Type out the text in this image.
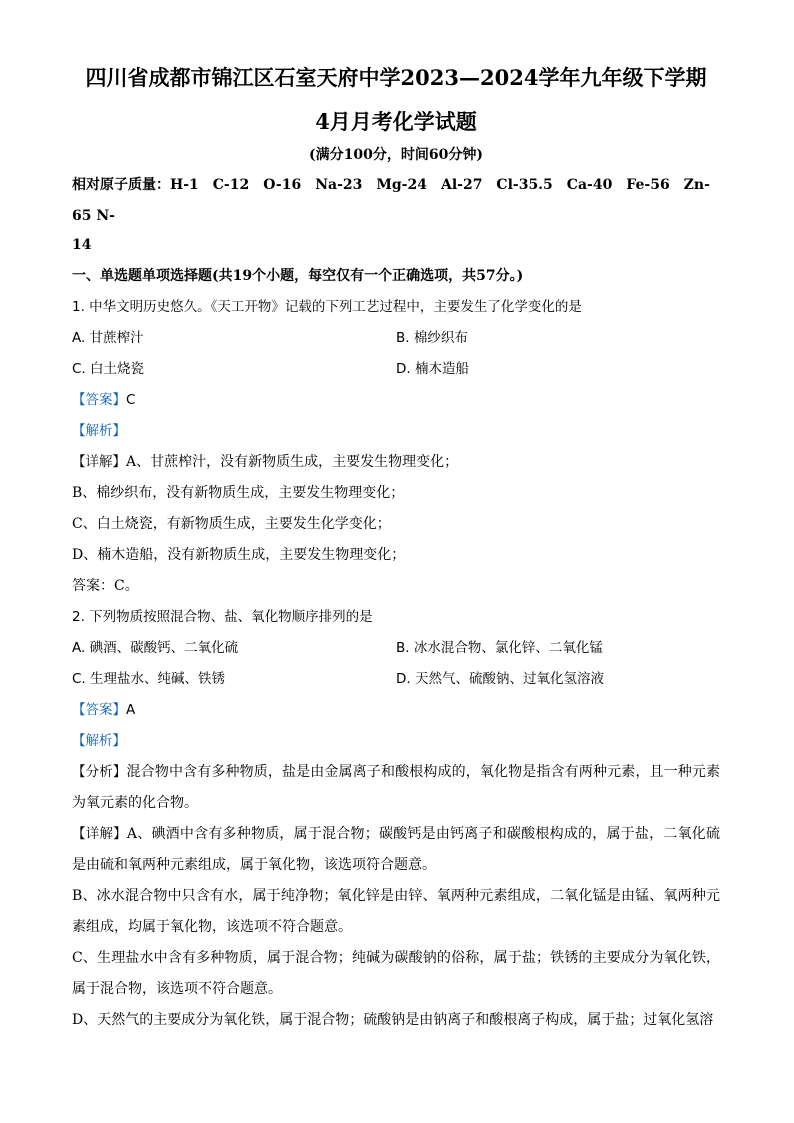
四川省成都市锦江区石室天府中学2023—2024学年九年级下学期
4月月考化学试题
(满分100分，时间60分钟)
相对原子质量：H-1　C-12　O-16　Na-23　Mg-24　Al-27　Cl-35.5　Ca-40　Fe-56　Zn-65 N-
14
一、单选题单项选择题(共19个小题，每空仅有一个正确选项，共57分。)
1. 中华文明历史悠久。《天工开物》记载的下列工艺过程中，主要发生了化学变化的是
A. 甘蔗榨汁	B. 棉纱织布
C. 白土烧瓷	D. 楠木造船
【答案】C
【解析】
【详解】A、甘蔗榨汁，没有新物质生成，主要发生物理变化；
B、棉纱织布，没有新物质生成，主要发生物理变化；
C、白土烧瓷，有新物质生成，主要发生化学变化；
D、楠木造船，没有新物质生成，主要发生物理变化；
答案：C。
2. 下列物质按照混合物、盐、氧化物顺序排列的是
A. 碘酒、碳酸钙、二氧化硫	B. 冰水混合物、氯化锌、二氧化锰
C. 生理盐水、纯碱、铁锈	D. 天然气、硫酸钠、过氧化氢溶液
【答案】A
【解析】
【分析】混合物中含有多种物质，盐是由金属离子和酸根构成的，氧化物是指含有两种元素，且一种元素为氧元素的化合物。
【详解】A、碘酒中含有多种物质，属于混合物；碳酸钙是由钙离子和碳酸根构成的，属于盐，二氧化硫是由硫和氧两种元素组成，属于氧化物，该选项符合题意。
B、冰水混合物中只含有水，属于纯净物；氧化锌是由锌、氧两种元素组成，二氧化锰是由锰、氧两种元素组成，均属于氧化物，该选项不符合题意。
C、生理盐水中含有多种物质，属于混合物；纯碱为碳酸钠的俗称，属于盐；铁锈的主要成分为氧化铁，属于混合物，该选项不符合题意。
D、天然气的主要成分为氧化铁，属于混合物；硫酸钠是由钠离子和酸根离子构成，属于盐；过氧化氢溶
